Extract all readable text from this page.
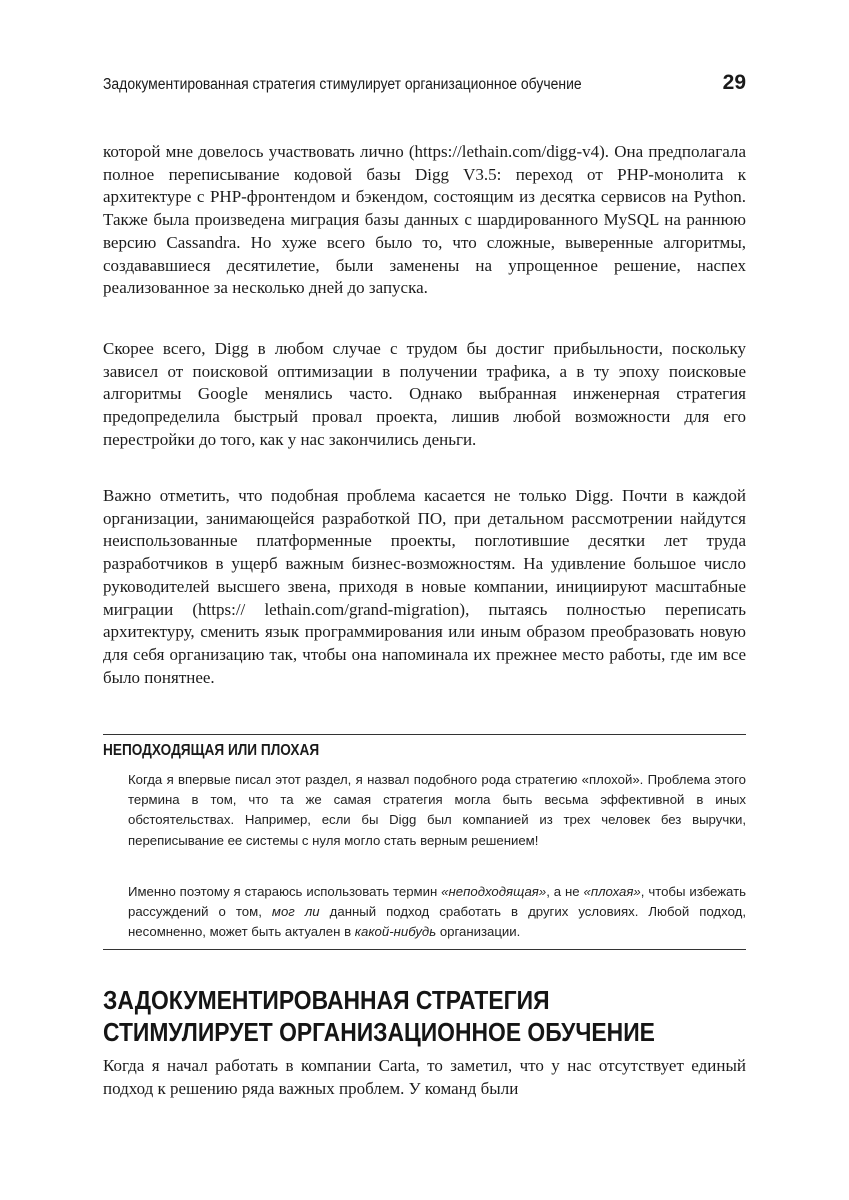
Задокументированная стратегия стимулирует организационное обучение	29

которой мне довелось участвовать лично (https://lethain.com/digg-v4). Она предполагала полное переписывание кодовой базы Digg V3.5: переход от PHP-монолита к архитектуре с PHP-фронтендом и бэкендом, состоящим из десятка сервисов на Python. Также была произведена миграция базы данных с шардированного MySQL на раннюю версию Cassandra. Но хуже всего было то, что сложные, выверенные алгоритмы, создававшиеся десятилетие, были заменены на упрощенное решение, наспех реализованное за несколько дней до запуска.

Скорее всего, Digg в любом случае с трудом бы достиг прибыльности, поскольку зависел от поисковой оптимизации в получении трафика, а в ту эпоху поисковые алгоритмы Google менялись часто. Однако выбранная инженерная стратегия предопределила быстрый провал проекта, лишив любой возможности для его перестройки до того, как у нас закончились деньги.

Важно отметить, что подобная проблема касается не только Digg. Почти в каждой организации, занимающейся разработкой ПО, при детальном рассмотрении найдутся неиспользованные платформенные проекты, поглотившие десятки лет труда разработчиков в ущерб важным бизнес-возможностям. На удивление большое число руководителей высшего звена, приходя в новые компании, инициируют масштабные миграции (https:// lethain.com/grand-migration), пытаясь полностью переписать архитектуру, сменить язык программирования или иным образом преобразовать новую для себя организацию так, чтобы она напоминала их прежнее место работы, где им все было понятнее.

НЕПОДХОДЯЩАЯ ИЛИ ПЛОХАЯ

Когда я впервые писал этот раздел, я назвал подобного рода стратегию «плохой». Проблема этого термина в том, что та же самая стратегия могла быть весьма эффективной в иных обстоятельствах. Например, если бы Digg был компанией из трех человек без выручки, переписывание ее системы с нуля могло стать верным решением!

Именно поэтому я стараюсь использовать термин «неподходящая», а не «плохая», чтобы избежать рассуждений о том, мог ли данный подход сработать в других условиях. Любой подход, несомненно, может быть актуален в какой-нибудь организации.

ЗАДОКУМЕНТИРОВАННАЯ СТРАТЕГИЯ СТИМУЛИРУЕТ ОРГАНИЗАЦИОННОЕ ОБУЧЕНИЕ

Когда я начал работать в компании Carta, то заметил, что у нас отсутствует единый подход к решению ряда важных проблем. У команд были
